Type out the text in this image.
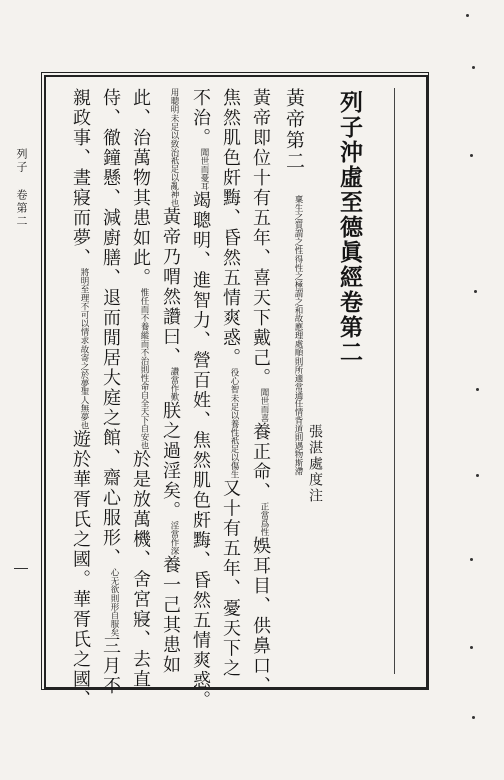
列子 卷第二	列子沖虛至德眞經卷第二
張湛處度注
黃帝第二 稟生之質謂之性得性之極謂之和故應理處順則所適常通任情背道則遇物斯滯
黃帝即位十有五年、喜天下戴己。聞世而喜養正命、正當爲性娛耳目、供鼻口、
焦然肌色皯黣、昏然五情爽惑。役心智未足以養性祇足以傷生又十有五年、憂天下之
不治。聞世而憂耳竭聰明、進智力、營百姓、焦然肌色皯黣、昏然五情爽惑。
用聰明未足以致治祇足以亂神也黃帝乃喟然讚曰、讚當作歎朕之過淫矣。淫當作深養一己其患如
此、治萬物其患如此。惟任而不養縱而不治則性命自全天下自安也於是放萬機、舍宮寢、去直
侍、徹鐘懸、減廚膳、退而閒居大庭之館、齋心服形、心无欲則形自服矣三月不
親政事、晝寢而夢、將明至理不可以情求故寄之於夢聖人無夢也遊於華胥氏之國。華胥氏之國、
